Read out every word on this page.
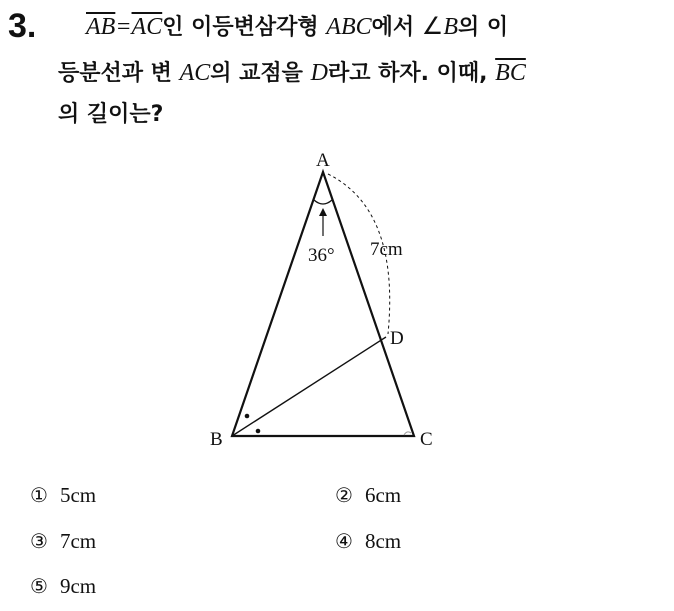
3. $\overline{AB}=\overline{AC}$인 이등변삼각형 ABC에서 ∠B의 이
등분선과 변 AC의 교점을 D라고 하자. 이때, $\overline{BC}$
의 길이는?
A
B	C
D
36° 7cm
① 5cm	② 6cm
③ 7cm	④ 8cm
⑤ 9cm
